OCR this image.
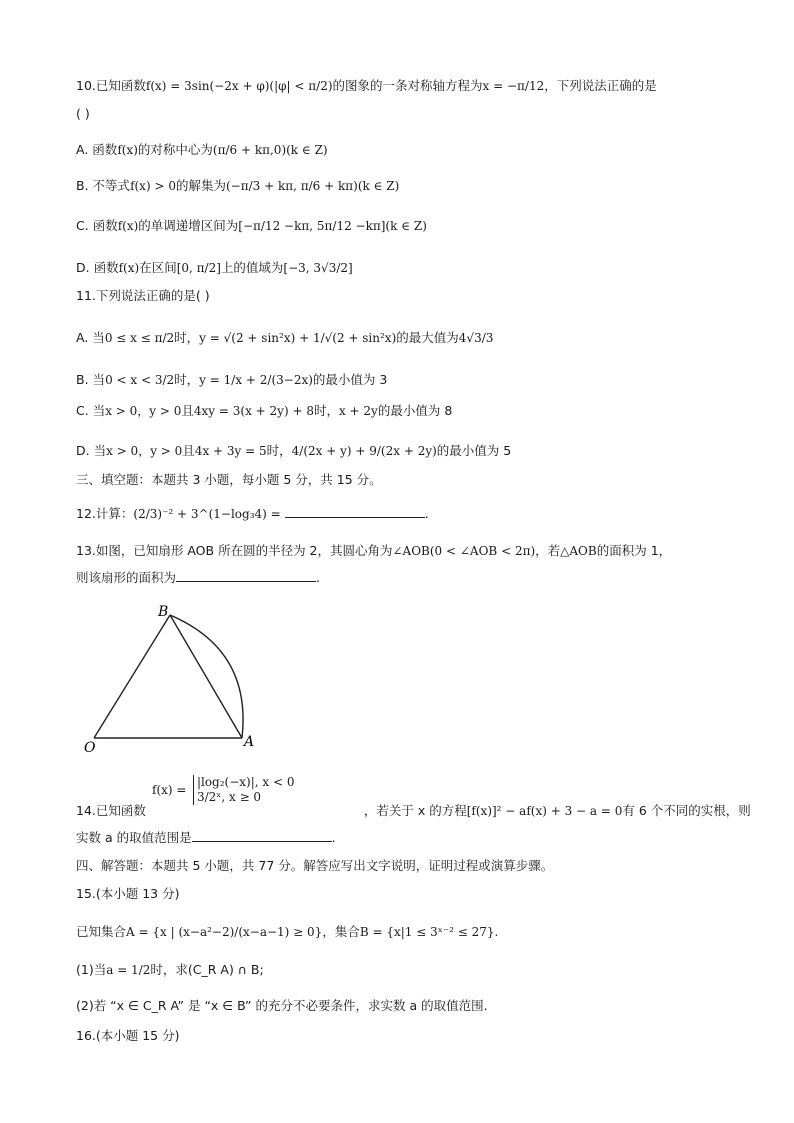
10.已知函数f(x) = 3sin(−2x + φ)(|φ| < π/2)的图象的一条对称轴方程为x = −π/12，下列说法正确的是
( )
A. 函数f(x)的对称中心为(π/6 + kπ,0)(k ∈ Z)
B. 不等式f(x) > 0的解集为(−π/3 + kπ, π/6 + kπ)(k ∈ Z)
C. 函数f(x)的单调递增区间为[−π/12 −kπ, 5π/12 −kπ](k ∈ Z)
D. 函数f(x)在区间[0, π/2]上的值域为[−3, 3√3/2]
11.下列说法正确的是( )
A. 当0 ≤ x ≤ π/2时，y = √(2 + sin²x) + 1/√(2 + sin²x)的最大值为4√3/3
B. 当0 < x < 3/2时，y = 1/x + 2/(3−2x)的最小值为 3
C. 当x > 0，y > 0且4xy = 3(x + 2y) + 8时，x + 2y的最小值为 8
D. 当x > 0，y > 0且4x + 3y = 5时，4/(2x + y) + 9/(2x + 2y)的最小值为 5
三、填空题：本题共 3 小题，每小题 5 分，共 15 分。
12.计算：(2/3)⁻² + 3^(1−log₃4) =	.
13.如图，已知扇形 AOB 所在圆的半径为 2，其圆心角为∠AOB(0 < ∠AOB < 2π)，若△AOB的面积为 1，
则该扇形的面积为	.
B
O	A
f(x) =
|log₂(−x)|, x < 0
3/2ˣ, x ≥ 0
14.已知函数	，若关于 x 的方程[f(x)]² − af(x) + 3 − a = 0有 6 个不同的实根，则
实数 a 的取值范围是	.
四、解答题：本题共 5 小题，共 77 分。解答应写出文字说明，证明过程或演算步骤。
15.(本小题 13 分)
已知集合A = {x | (x−a²−2)/(x−a−1) ≥ 0}，集合B = {x|1 ≤ 3ˣ⁻² ≤ 27}.
(1)当a = 1/2时，求(C_R A) ∩ B;
(2)若 “x ∈ C_R A” 是 “x ∈ B” 的充分不必要条件，求实数 a 的取值范围.
16.(本小题 15 分)
